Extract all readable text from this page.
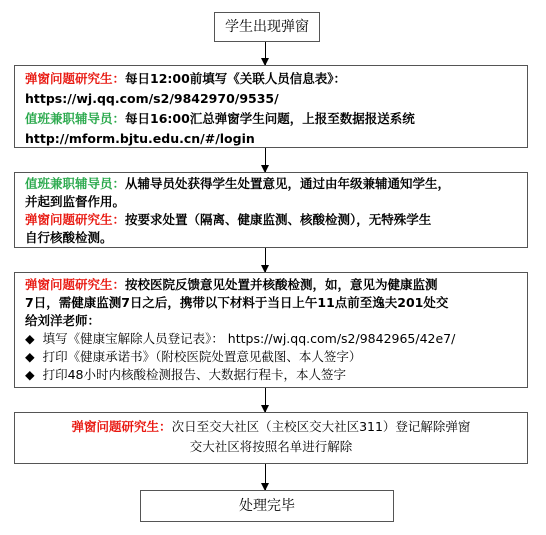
学生出现弹窗
弹窗问题研究生：每日12:00前填写《关联人员信息表》：
https://wj.qq.com/s2/9842970/9535/
值班兼职辅导员：每日16:00汇总弹窗学生问题，上报至数据报送系统
http://mform.bjtu.edu.cn/#/login
值班兼职辅导员：从辅导员处获得学生处置意见，通过由年级兼辅通知学生，
并起到监督作用。
弹窗问题研究生：按要求处置（隔离、健康监测、核酸检测），无特殊学生
自行核酸检测。
弹窗问题研究生：按校医院反馈意见处置并核酸检测，如，意见为健康监测
7日，需健康监测7日之后，携带以下材料于当日上午11点前至逸夫201处交
给刘洋老师：
◆ 填写《健康宝解除人员登记表》： https://wj.qq.com/s2/9842965/42e7/
◆ 打印《健康承诺书》（附校医院处置意见截图、本人签字）
◆ 打印48小时内核酸检测报告、大数据行程卡，本人签字
弹窗问题研究生：次日至交大社区（主校区交大社区311）登记解除弹窗
交大社区将按照名单进行解除
处理完毕
